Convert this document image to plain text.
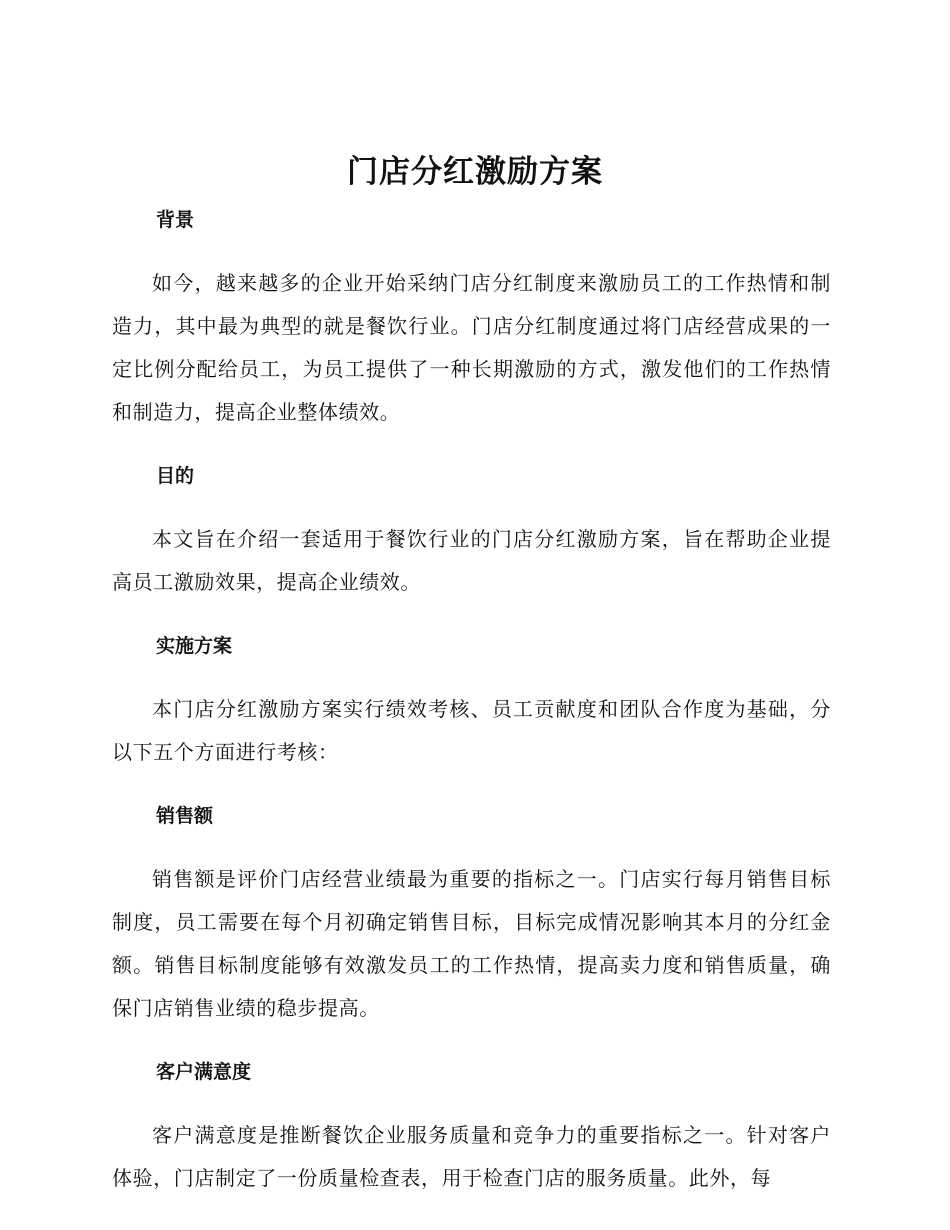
门店分红激励方案
背景

如今，越来越多的企业开始采纳门店分红制度来激励员工的工作热情和制造力，其中最为典型的就是餐饮行业。门店分红制度通过将门店经营成果的一定比例分配给员工，为员工提供了一种长期激励的方式，激发他们的工作热情和制造力，提高企业整体绩效。

目的

本文旨在介绍一套适用于餐饮行业的门店分红激励方案，旨在帮助企业提高员工激励效果，提高企业绩效。

实施方案

本门店分红激励方案实行绩效考核、员工贡献度和团队合作度为基础，分以下五个方面进行考核：

销售额

销售额是评价门店经营业绩最为重要的指标之一。门店实行每月销售目标制度，员工需要在每个月初确定销售目标，目标完成情况影响其本月的分红金额。销售目标制度能够有效激发员工的工作热情，提高卖力度和销售质量，确保门店销售业绩的稳步提高。

客户满意度

客户满意度是推断餐饮企业服务质量和竞争力的重要指标之一。针对客户体验，门店制定了一份质量检查表，用于检查门店的服务质量。此外，每
